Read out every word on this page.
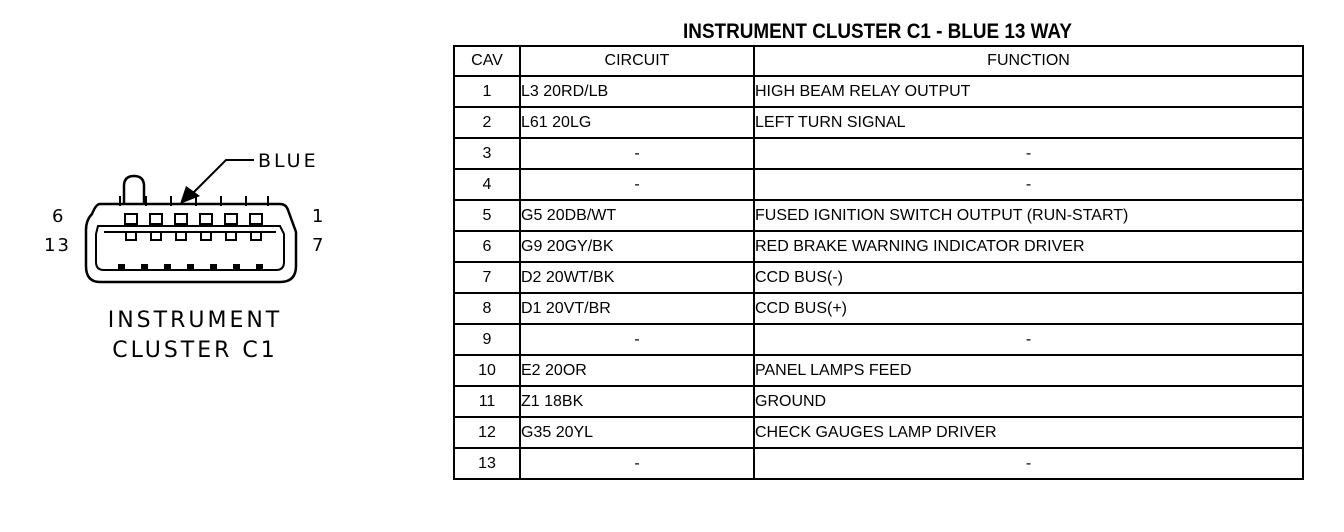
BLUE
6	1
13	7
INSTRUMENT
CLUSTER C1
INSTRUMENT CLUSTER C1 - BLUE 13 WAY
CAV	CIRCUIT	FUNCTION
1	L3 20RD/LB	HIGH BEAM RELAY OUTPUT
2	L61 20LG	LEFT TURN SIGNAL
3	-	-
4	-	-
5	G5 20DB/WT	FUSED IGNITION SWITCH OUTPUT (RUN-START)
6	G9 20GY/BK	RED BRAKE WARNING INDICATOR DRIVER
7	D2 20WT/BK	CCD BUS(-)
8	D1 20VT/BR	CCD BUS(+)
9	-	-
10	E2 20OR	PANEL LAMPS FEED
11	Z1 18BK	GROUND
12	G35 20YL	CHECK GAUGES LAMP DRIVER
13	-	-
